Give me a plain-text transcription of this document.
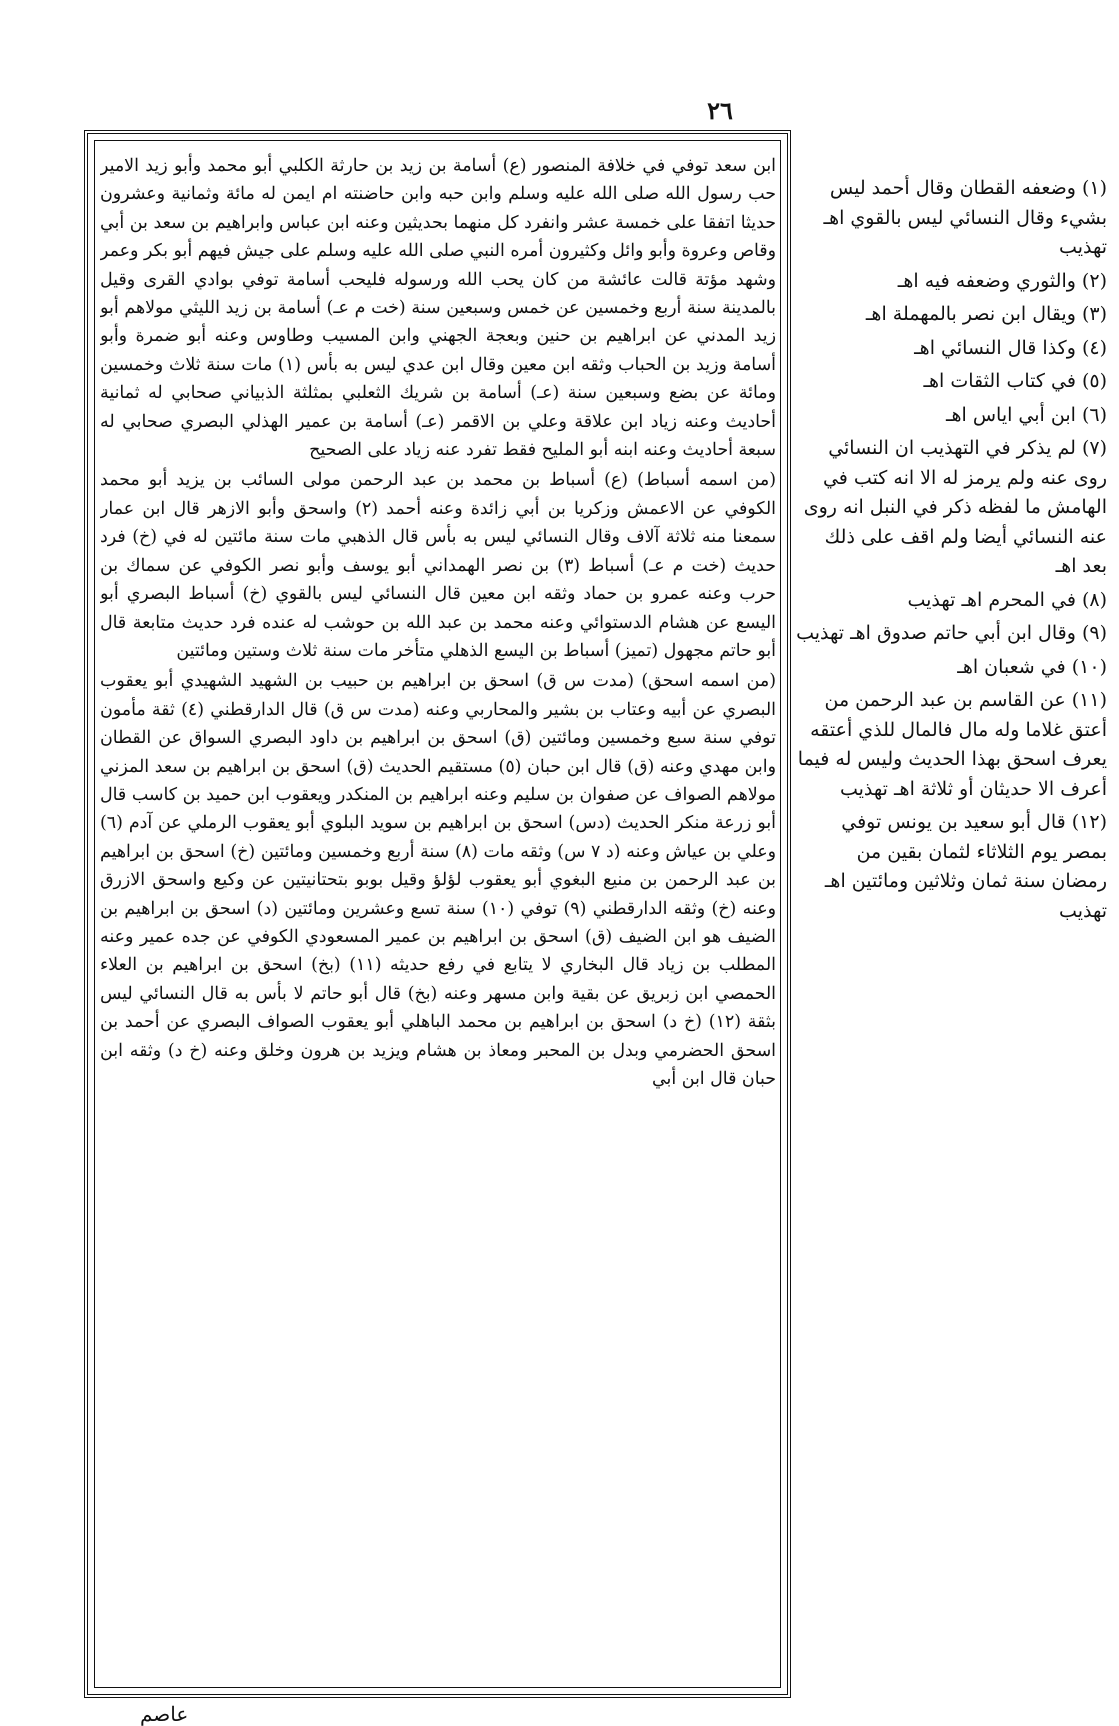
٢٦

ابن سعد توفي في خلافة المنصور (ع) أسامة بن زيد بن حارثة الكلبي أبو محمد وأبو زيد الامير حب رسول الله صلى الله عليه وسلم وابن حبه وابن حاضنته ام ايمن له مائة وثمانية وعشرون حديثا اتفقا على خمسة عشر وانفرد كل منهما بحديثين وعنه ابن عباس وابراهيم بن سعد بن أبي وقاص وعروة وأبو وائل وكثيرون أمره النبي صلى الله عليه وسلم على جيش فيهم أبو بكر وعمر وشهد مؤتة قالت عائشة من كان يحب الله ورسوله فليحب أسامة توفي بوادي القرى وقيل بالمدينة سنة أربع وخمسين عن خمس وسبعين سنة (خت م عـ) أسامة بن زيد الليثي مولاهم أبو زيد المدني عن ابراهيم بن حنين وبعجة الجهني وابن المسيب وطاوس وعنه أبو ضمرة وأبو أسامة وزيد بن الحباب وثقه ابن معين وقال ابن عدي ليس به بأس (١) مات سنة ثلاث وخمسين ومائة عن بضع وسبعين سنة (عـ) أسامة بن شريك الثعلبي بمثلثة الذبياني صحابي له ثمانية أحاديث وعنه زياد ابن علاقة وعلي بن الاقمر (عـ) أسامة بن عمير الهذلي البصري صحابي له سبعة أحاديث وعنه ابنه أبو المليح فقط تفرد عنه زياد على الصحيح

(من اسمه أسباط) (ع) أسباط بن محمد بن عبد الرحمن مولى السائب بن يزيد أبو محمد الكوفي عن الاعمش وزكريا بن أبي زائدة وعنه أحمد (٢) واسحق وأبو الازهر قال ابن عمار سمعنا منه ثلاثة آلاف وقال النسائي ليس به بأس قال الذهبي مات سنة مائتين له في (خ) فرد حديث (خت م عـ) أسباط (٣) بن نصر الهمداني أبو يوسف وأبو نصر الكوفي عن سماك بن حرب وعنه عمرو بن حماد وثقه ابن معين قال النسائي ليس بالقوي (خ) أسباط البصري أبو اليسع عن هشام الدستوائي وعنه محمد بن عبد الله بن حوشب له عنده فرد حديث متابعة قال أبو حاتم مجهول (تميز) أسباط بن اليسع الذهلي متأخر مات سنة ثلاث وستين ومائتين

(من اسمه اسحق) (مدت س ق) اسحق بن ابراهيم بن حبيب بن الشهيد الشهيدي أبو يعقوب البصري عن أبيه وعتاب بن بشير والمحاربي وعنه (مدت س ق) قال الدارقطني (٤) ثقة مأمون توفي سنة سبع وخمسين ومائتين (ق) اسحق بن ابراهيم بن داود البصري السواق عن القطان وابن مهدي وعنه (ق) قال ابن حبان (٥) مستقيم الحديث (ق) اسحق بن ابراهيم بن سعد المزني مولاهم الصواف عن صفوان بن سليم وعنه ابراهيم بن المنكدر ويعقوب ابن حميد بن كاسب قال أبو زرعة منكر الحديث (دس) اسحق بن ابراهيم بن سويد البلوي أبو يعقوب الرملي عن آدم (٦) وعلي بن عياش وعنه (د ٧ س) وثقه مات (٨) سنة أربع وخمسين ومائتين (خ) اسحق بن ابراهيم بن عبد الرحمن بن منيع البغوي أبو يعقوب لؤلؤ وقيل بوبو بتحتانيتين عن وكيع واسحق الازرق وعنه (خ) وثقه الدارقطني (٩) توفي (١٠) سنة تسع وعشرين ومائتين (د) اسحق بن ابراهيم بن الضيف هو ابن الضيف (ق) اسحق بن ابراهيم بن عمير المسعودي الكوفي عن جده عمير وعنه المطلب بن زياد قال البخاري لا يتابع في رفع حديثه (١١) (بخ) اسحق بن ابراهيم بن العلاء الحمصي ابن زبريق عن بقية وابن مسهر وعنه (بخ) قال أبو حاتم لا بأس به قال النسائي ليس بثقة (١٢) (خ د) اسحق بن ابراهيم بن محمد الباهلي أبو يعقوب الصواف البصري عن أحمد بن اسحق الحضرمي وبدل بن المحبر ومعاذ بن هشام ويزيد بن هرون وخلق وعنه (خ د) وثقه ابن حبان قال ابن أبي

(١) وضعفه القطان وقال أحمد ليس بشيء وقال النسائي ليس بالقوي اهـ تهذيب

(٢) والثوري وضعفه فيه اهـ

(٣) ويقال ابن نصر بالمهملة اهـ

(٤) وكذا قال النسائي اهـ

(٥) في كتاب الثقات اهـ

(٦) ابن أبي اياس اهـ

(٧) لم يذكر في التهذيب ان النسائي روى عنه ولم يرمز له الا انه كتب في الهامش ما لفظه ذكر في النبل انه روى عنه النسائي أيضا ولم اقف على ذلك بعد اهـ

(٨) في المحرم اهـ تهذيب

(٩) وقال ابن أبي حاتم صدوق اهـ تهذيب

(١٠) في شعبان اهـ

(١١) عن القاسم بن عبد الرحمن من أعتق غلاما وله مال فالمال للذي أعتقه يعرف اسحق بهذا الحديث وليس له فيما أعرف الا حديثان أو ثلاثة اهـ تهذيب

(١٢) قال أبو سعيد بن يونس توفي بمصر يوم الثلاثاء لثمان بقين من رمضان سنة ثمان وثلاثين ومائتين اهـ تهذيب

عاصم
